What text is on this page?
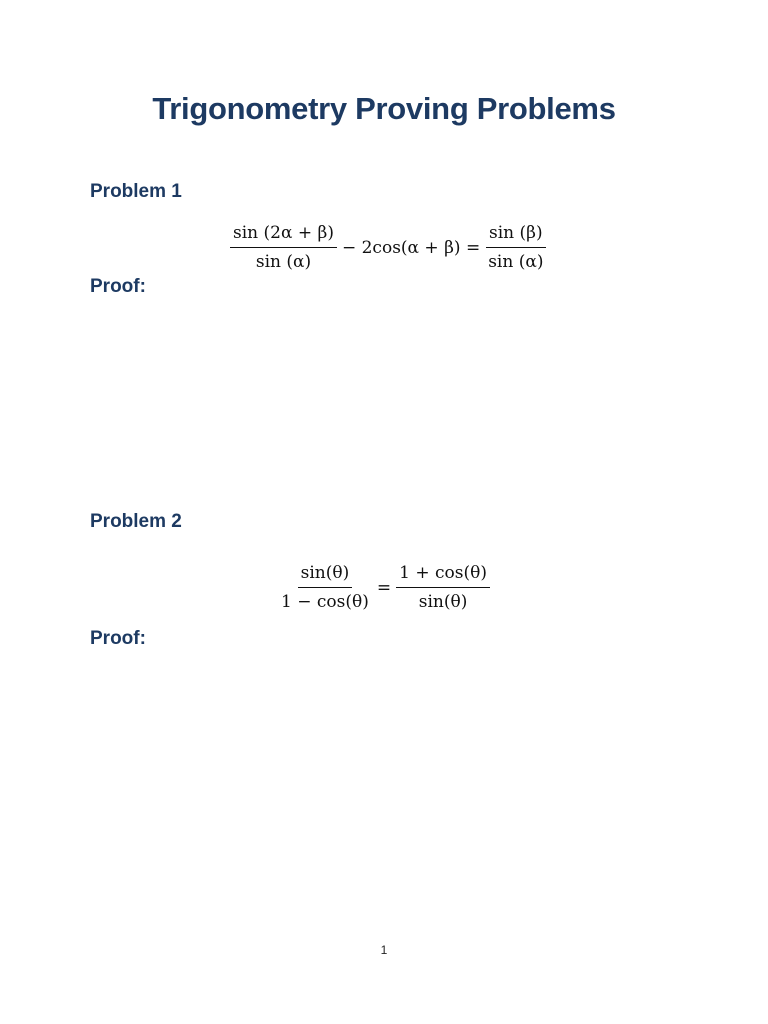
Trigonometry Proving Problems
Problem 1
$\frac{\sin (2\alpha + \beta)}{\sin (\alpha)} - 2\cos(\alpha + \beta) = \frac{\sin (\beta)}{\sin (\alpha)}$
Proof:
Problem 2
$\frac{\sin(\theta)}{1 - \cos(\theta)} = \frac{1 + \cos(\theta)}{\sin(\theta)}$
Proof:
1
